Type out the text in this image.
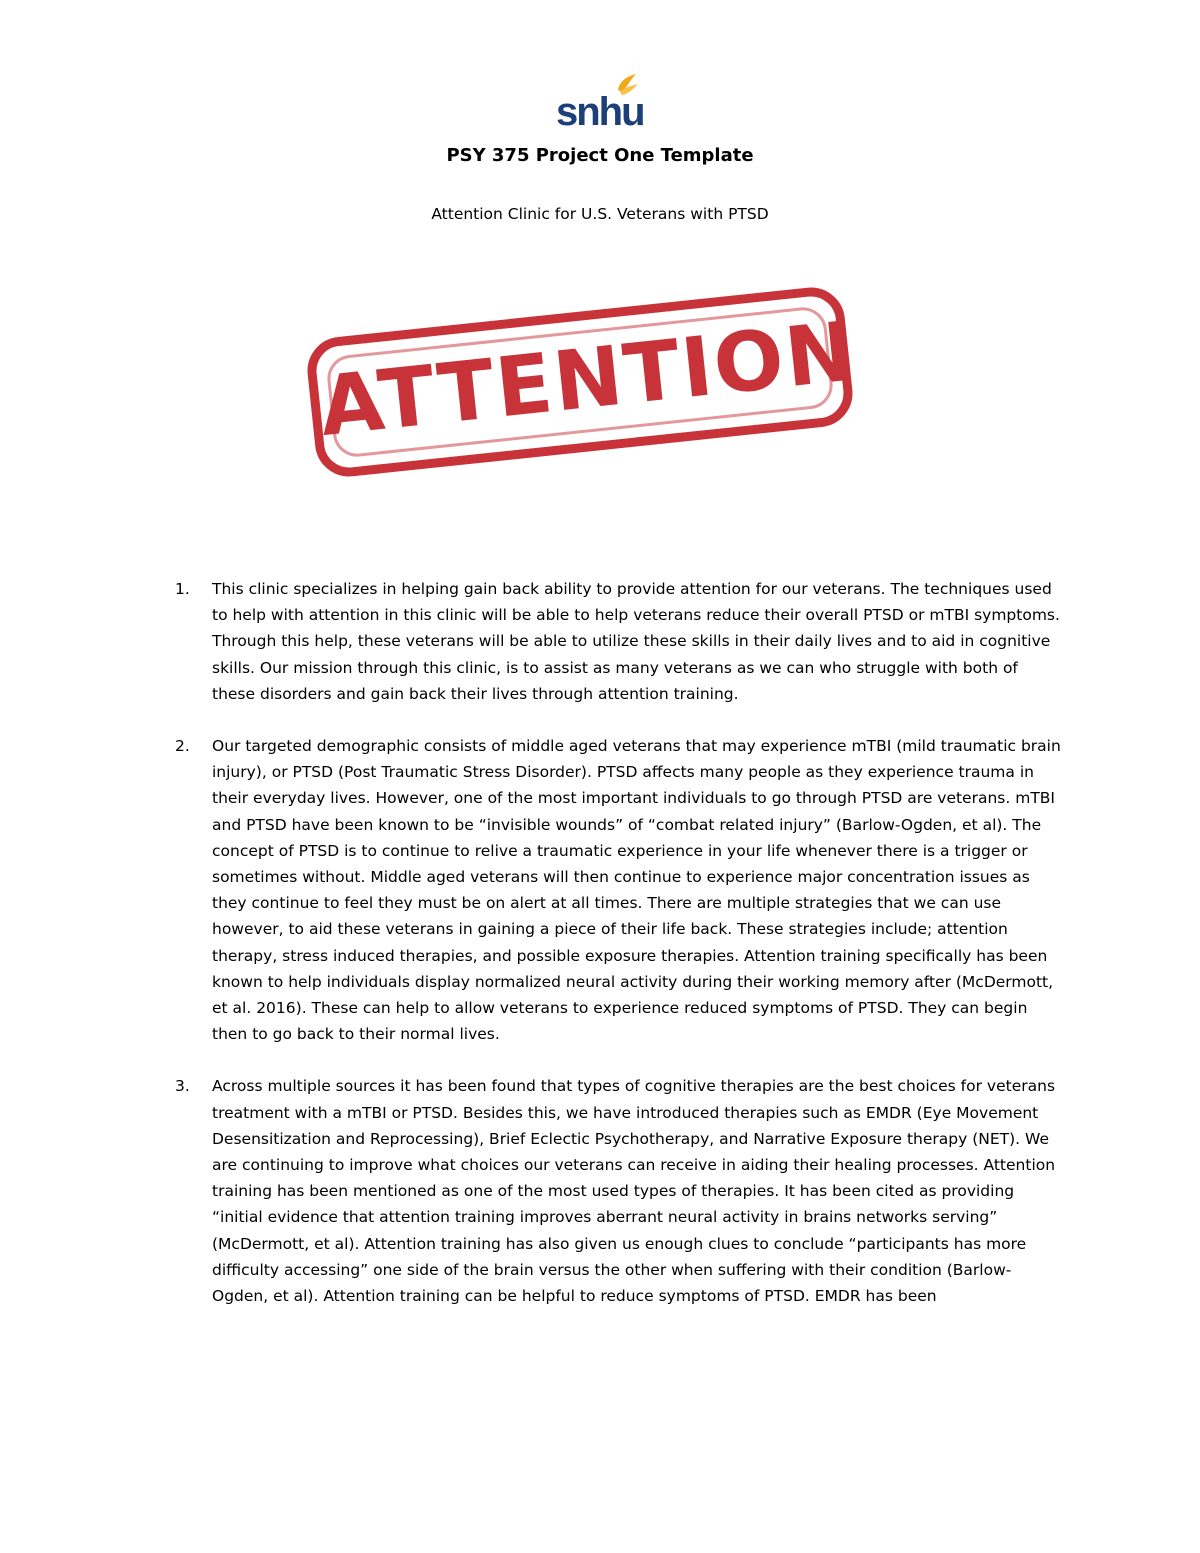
snhu
PSY 375 Project One Template
Attention Clinic for U.S. Veterans with PTSD
ATTENTION
1. This clinic specializes in helping gain back ability to provide attention for our veterans. The techniques used to help with attention in this clinic will be able to help veterans reduce their overall PTSD or mTBI symptoms. Through this help, these veterans will be able to utilize these skills in their daily lives and to aid in cognitive skills. Our mission through this clinic, is to assist as many veterans as we can who struggle with both of these disorders and gain back their lives through attention training.

2. Our targeted demographic consists of middle aged veterans that may experience mTBI (mild traumatic brain injury), or PTSD (Post Traumatic Stress Disorder). PTSD affects many people as they experience trauma in their everyday lives. However, one of the most important individuals to go through PTSD are veterans. mTBI and PTSD have been known to be “invisible wounds” of “combat related injury” (Barlow-Ogden, et al). The concept of PTSD is to continue to relive a traumatic experience in your life whenever there is a trigger or sometimes without. Middle aged veterans will then continue to experience major concentration issues as they continue to feel they must be on alert at all times. There are multiple strategies that we can use however, to aid these veterans in gaining a piece of their life back. These strategies include; attention therapy, stress induced therapies, and possible exposure therapies. Attention training specifically has been known to help individuals display normalized neural activity during their working memory after (McDermott, et al. 2016). These can help to allow veterans to experience reduced symptoms of PTSD. They can begin then to go back to their normal lives.

3. Across multiple sources it has been found that types of cognitive therapies are the best choices for veterans treatment with a mTBI or PTSD. Besides this, we have introduced therapies such as EMDR (Eye Movement Desensitization and Reprocessing), Brief Eclectic Psychotherapy, and Narrative Exposure therapy (NET). We are continuing to improve what choices our veterans can receive in aiding their healing processes. Attention training has been mentioned as one of the most used types of therapies. It has been cited as providing “initial evidence that attention training improves aberrant neural activity in brains networks serving” (McDermott, et al). Attention training has also given us enough clues to conclude “participants has more difficulty accessing” one side of the brain versus the other when suffering with their condition (Barlow-Ogden, et al). Attention training can be helpful to reduce symptoms of PTSD. EMDR has been
